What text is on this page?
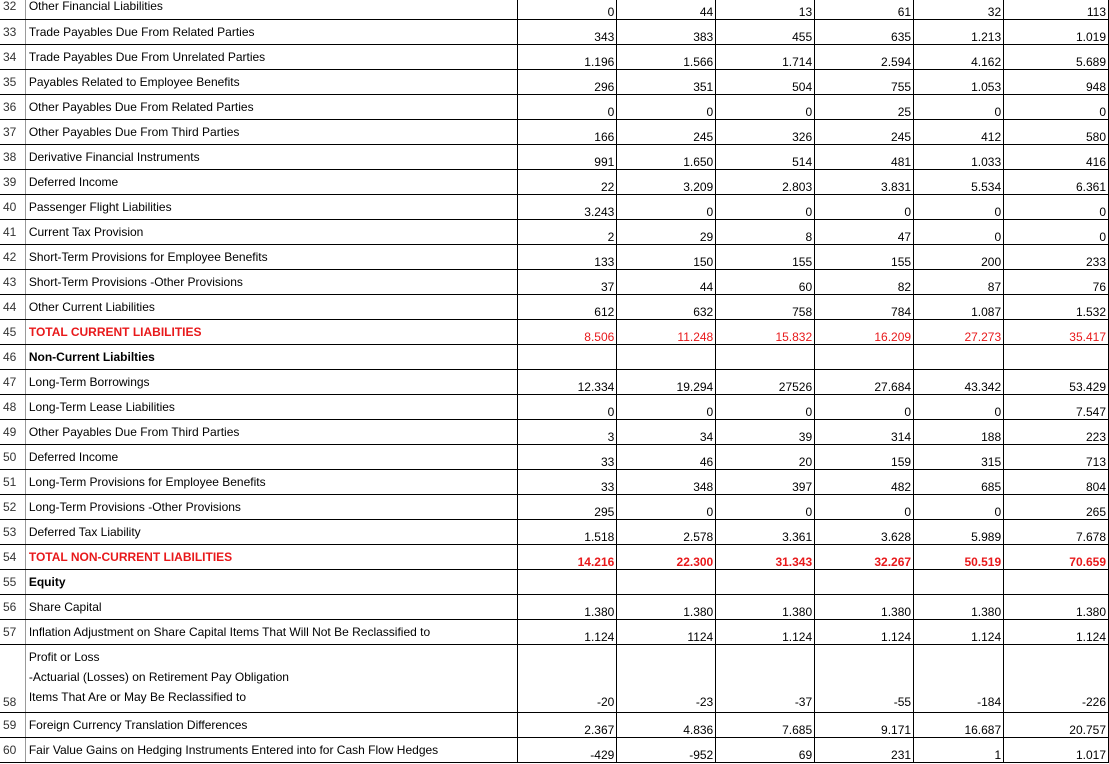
32	Other Financial Liabilities	0	44	13	61	32	113
33	Trade Payables Due From Related Parties	343	383	455	635	1.213	1.019
34	Trade Payables Due From Unrelated Parties	1.196	1.566	1.714	2.594	4.162	5.689
35	Payables Related to Employee Benefits	296	351	504	755	1.053	948
36	Other Payables Due From Related Parties	0	0	0	25	0	0
37	Other Payables Due From Third Parties	166	245	326	245	412	580
38	Derivative Financial Instruments	991	1.650	514	481	1.033	416
39	Deferred Income	22	3.209	2.803	3.831	5.534	6.361
40	Passenger Flight Liabilities	3.243	0	0	0	0	0
41	Current Tax Provision	2	29	8	47	0	0
42	Short-Term Provisions for Employee Benefits	133	150	155	155	200	233
43	Short-Term Provisions -Other Provisions	37	44	60	82	87	76
44	Other Current Liabilities	612	632	758	784	1.087	1.532
45	TOTAL CURRENT LIABILITIES	8.506	11.248	15.832	16.209	27.273	35.417
46	Non-Current Liabilties						
47	Long-Term Borrowings	12.334	19.294	27526	27.684	43.342	53.429
48	Long-Term Lease Liabilities	0	0	0	0	0	7.547
49	Other Payables Due From Third Parties	3	34	39	314	188	223
50	Deferred Income	33	46	20	159	315	713
51	Long-Term Provisions for Employee Benefits	33	348	397	482	685	804
52	Long-Term Provisions -Other Provisions	295	0	0	0	0	265
53	Deferred Tax Liability	1.518	2.578	3.361	3.628	5.989	7.678
54	TOTAL NON-CURRENT LIABILITIES	14.216	22.300	31.343	32.267	50.519	70.659
55	Equity						
56	Share Capital	1.380	1.380	1.380	1.380	1.380	1.380
57	Inflation Adjustment on Share Capital Items That Will Not Be Reclassified to	1.124	1124	1.124	1.124	1.124	1.124
58	Profit or Loss
-Actuarial (Losses) on Retirement Pay Obligation
Items That Are or May Be Reclassified to	-20	-23	-37	-55	-184	-226
59	Foreign Currency Translation Differences	2.367	4.836	7.685	9.171	16.687	20.757
60	Fair Value Gains on Hedging Instruments Entered into for Cash Flow Hedges	-429	-952	69	231	1	1.017
